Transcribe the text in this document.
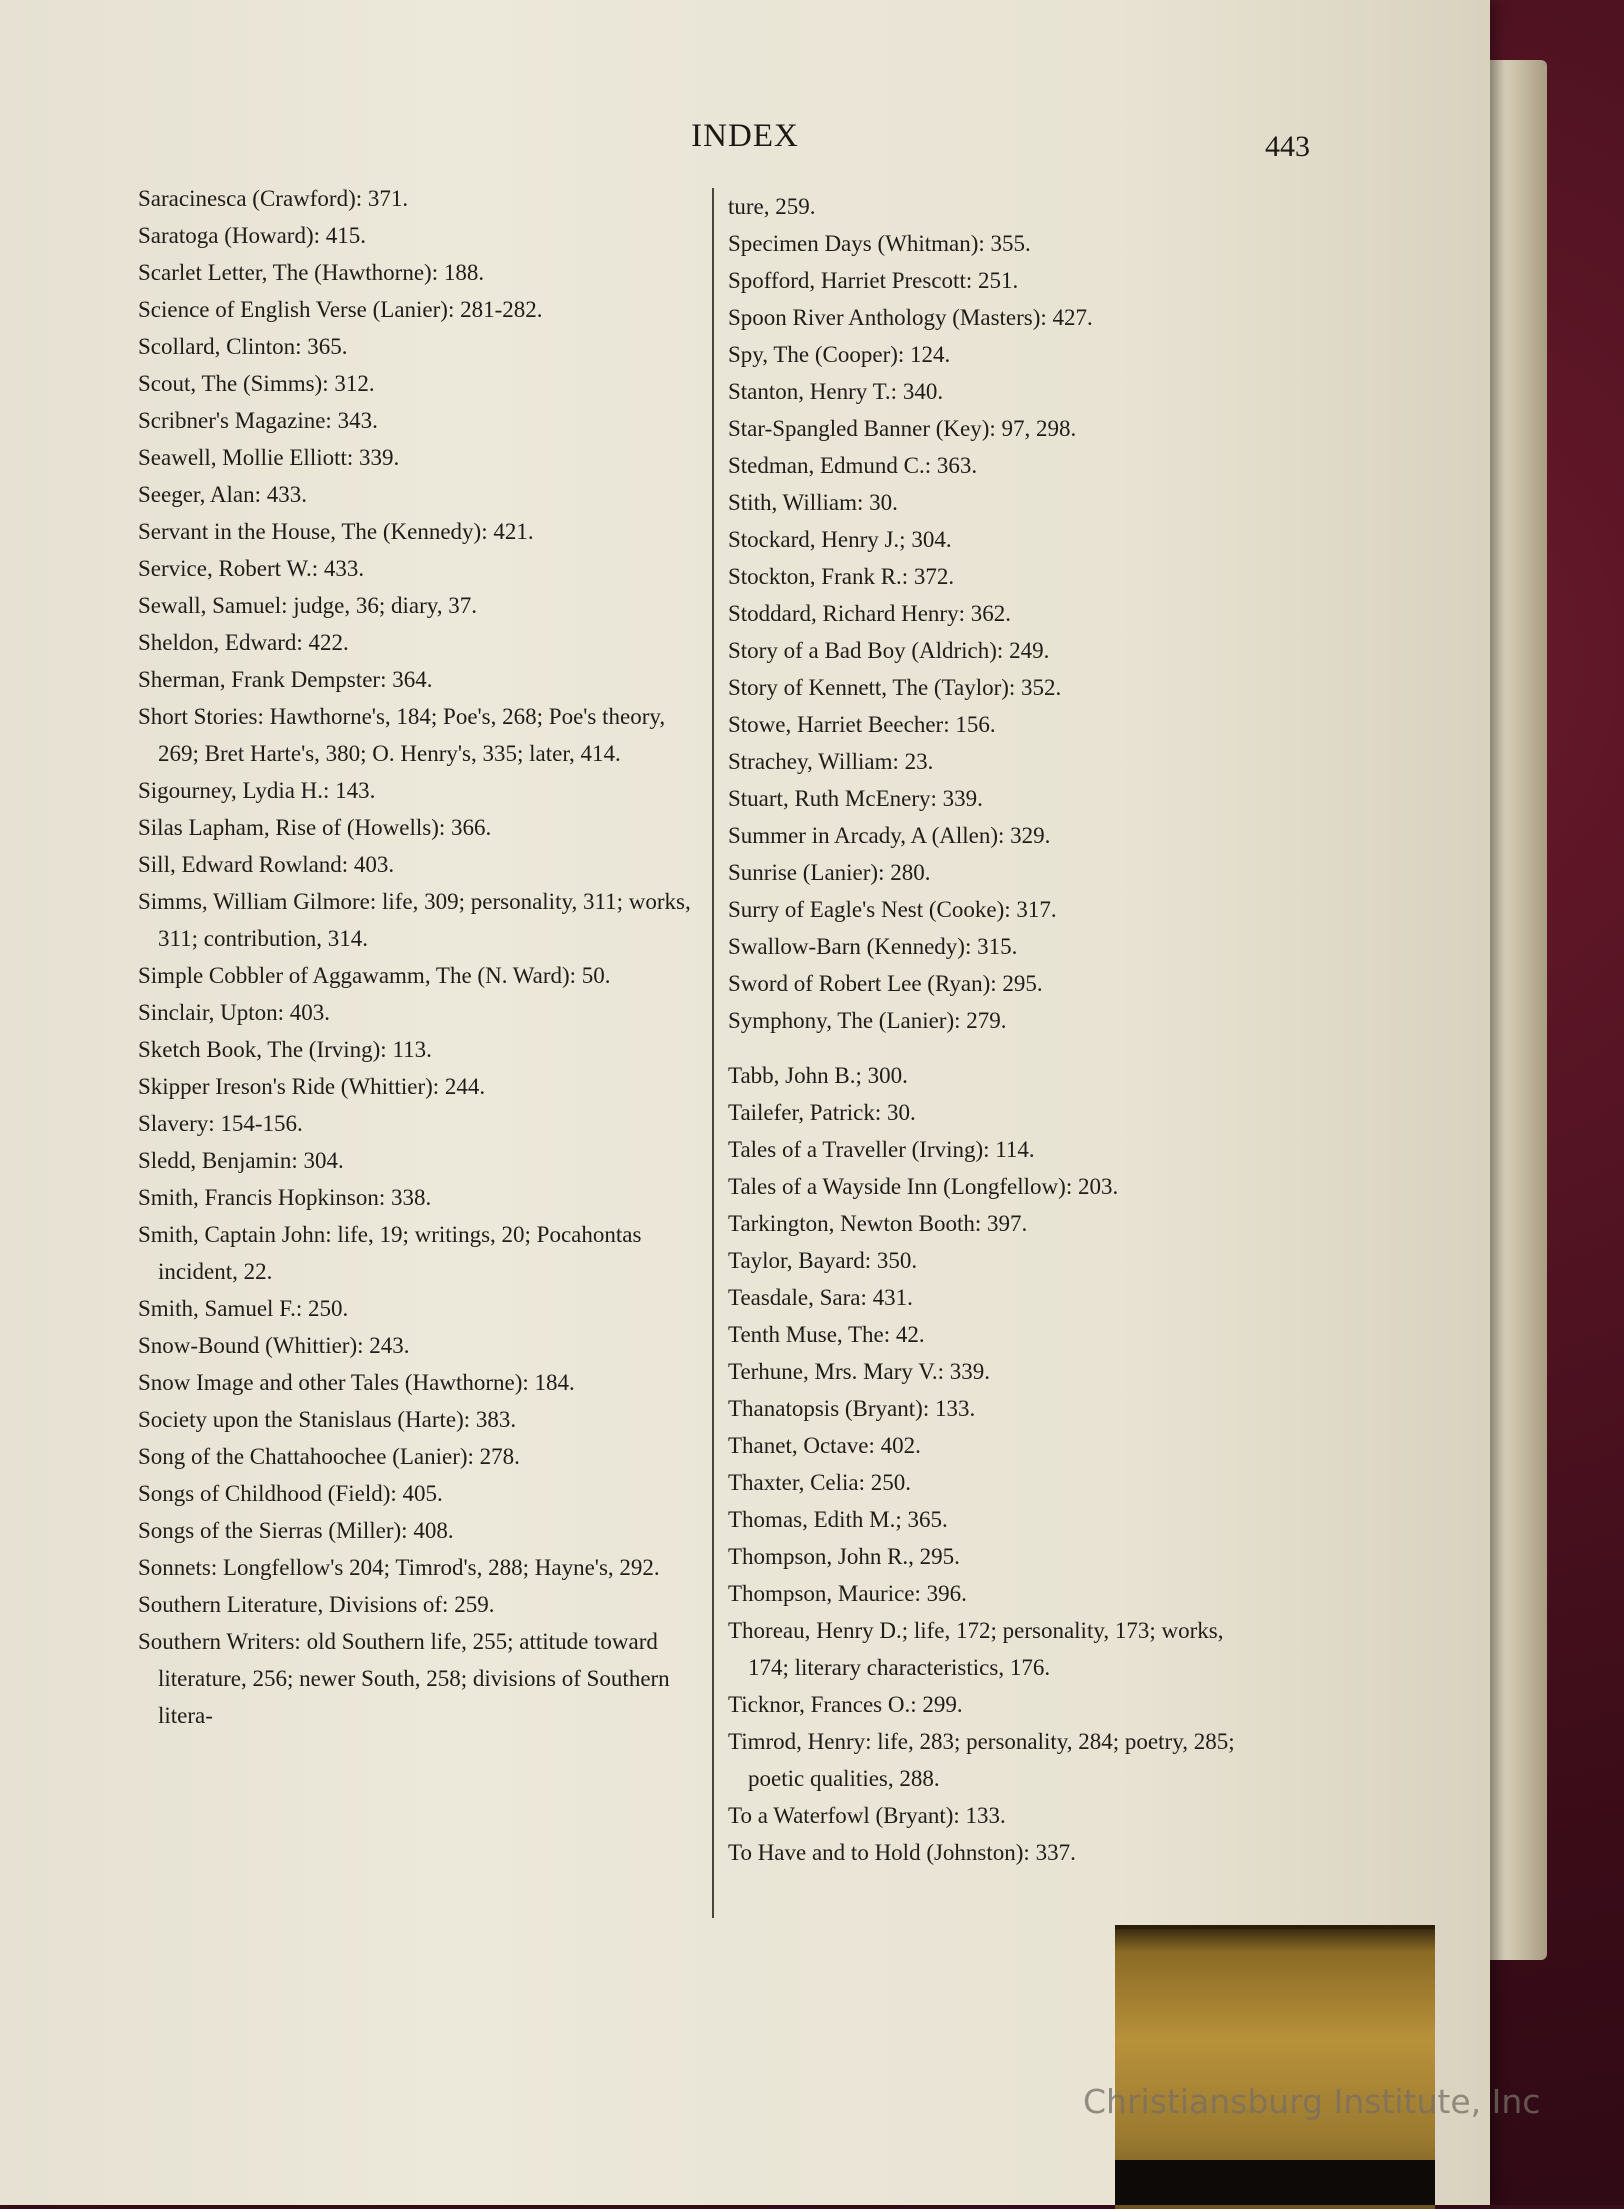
INDEX	443

Saracinesca (Crawford): 371.

Saratoga (Howard): 415.

Scarlet Letter, The (Hawthorne): 188.

Science of English Verse (Lanier): 281-282.

Scollard, Clinton: 365.

Scout, The (Simms): 312.

Scribner's Magazine: 343.

Seawell, Mollie Elliott: 339.

Seeger, Alan: 433.

Servant in the House, The (Kennedy): 421.

Service, Robert W.: 433.

Sewall, Samuel: judge, 36; diary, 37.

Sheldon, Edward: 422.

Sherman, Frank Dempster: 364.

Short Stories: Hawthorne's, 184; Poe's, 268; Poe's theory, 269; Bret Harte's, 380; O. Henry's, 335; later, 414.

Sigourney, Lydia H.: 143.

Silas Lapham, Rise of (Howells): 366.

Sill, Edward Rowland: 403.

Simms, William Gilmore: life, 309; personality, 311; works, 311; contribution, 314.

Simple Cobbler of Aggawamm, The (N. Ward): 50.

Sinclair, Upton: 403.

Sketch Book, The (Irving): 113.

Skipper Ireson's Ride (Whittier): 244.

Slavery: 154-156.

Sledd, Benjamin: 304.

Smith, Francis Hopkinson: 338.

Smith, Captain John: life, 19; writings, 20; Pocahontas incident, 22.

Smith, Samuel F.: 250.

Snow-Bound (Whittier): 243.

Snow Image and other Tales (Hawthorne): 184.

Society upon the Stanislaus (Harte): 383.

Song of the Chattahoochee (Lanier): 278.

Songs of Childhood (Field): 405.

Songs of the Sierras (Miller): 408.

Sonnets: Longfellow's 204; Timrod's, 288; Hayne's, 292.

Southern Literature, Divisions of: 259.

Southern Writers: old Southern life, 255; attitude toward literature, 256; newer South, 258; divisions of Southern litera-

ture, 259.

Specimen Days (Whitman): 355.

Spofford, Harriet Prescott: 251.

Spoon River Anthology (Masters): 427.

Spy, The (Cooper): 124.

Stanton, Henry T.: 340.

Star-Spangled Banner (Key): 97, 298.

Stedman, Edmund C.: 363.

Stith, William: 30.

Stockard, Henry J.; 304.

Stockton, Frank R.: 372.

Stoddard, Richard Henry: 362.

Story of a Bad Boy (Aldrich): 249.

Story of Kennett, The (Taylor): 352.

Stowe, Harriet Beecher: 156.

Strachey, William: 23.

Stuart, Ruth McEnery: 339.

Summer in Arcady, A (Allen): 329.

Sunrise (Lanier): 280.

Surry of Eagle's Nest (Cooke): 317.

Swallow-Barn (Kennedy): 315.

Sword of Robert Lee (Ryan): 295.

Symphony, The (Lanier): 279.

Tabb, John B.; 300.

Tailefer, Patrick: 30.

Tales of a Traveller (Irving): 114.

Tales of a Wayside Inn (Longfellow): 203.

Tarkington, Newton Booth: 397.

Taylor, Bayard: 350.

Teasdale, Sara: 431.

Tenth Muse, The: 42.

Terhune, Mrs. Mary V.: 339.

Thanatopsis (Bryant): 133.

Thanet, Octave: 402.

Thaxter, Celia: 250.

Thomas, Edith M.; 365.

Thompson, John R., 295.

Thompson, Maurice: 396.

Thoreau, Henry D.; life, 172; personality, 173; works, 174; literary characteristics, 176.

Ticknor, Frances O.: 299.

Timrod, Henry: life, 283; personality, 284; poetry, 285; poetic qualities, 288.

To a Waterfowl (Bryant): 133.

To Have and to Hold (Johnston): 337.

Christiansburg Institute, Inc
